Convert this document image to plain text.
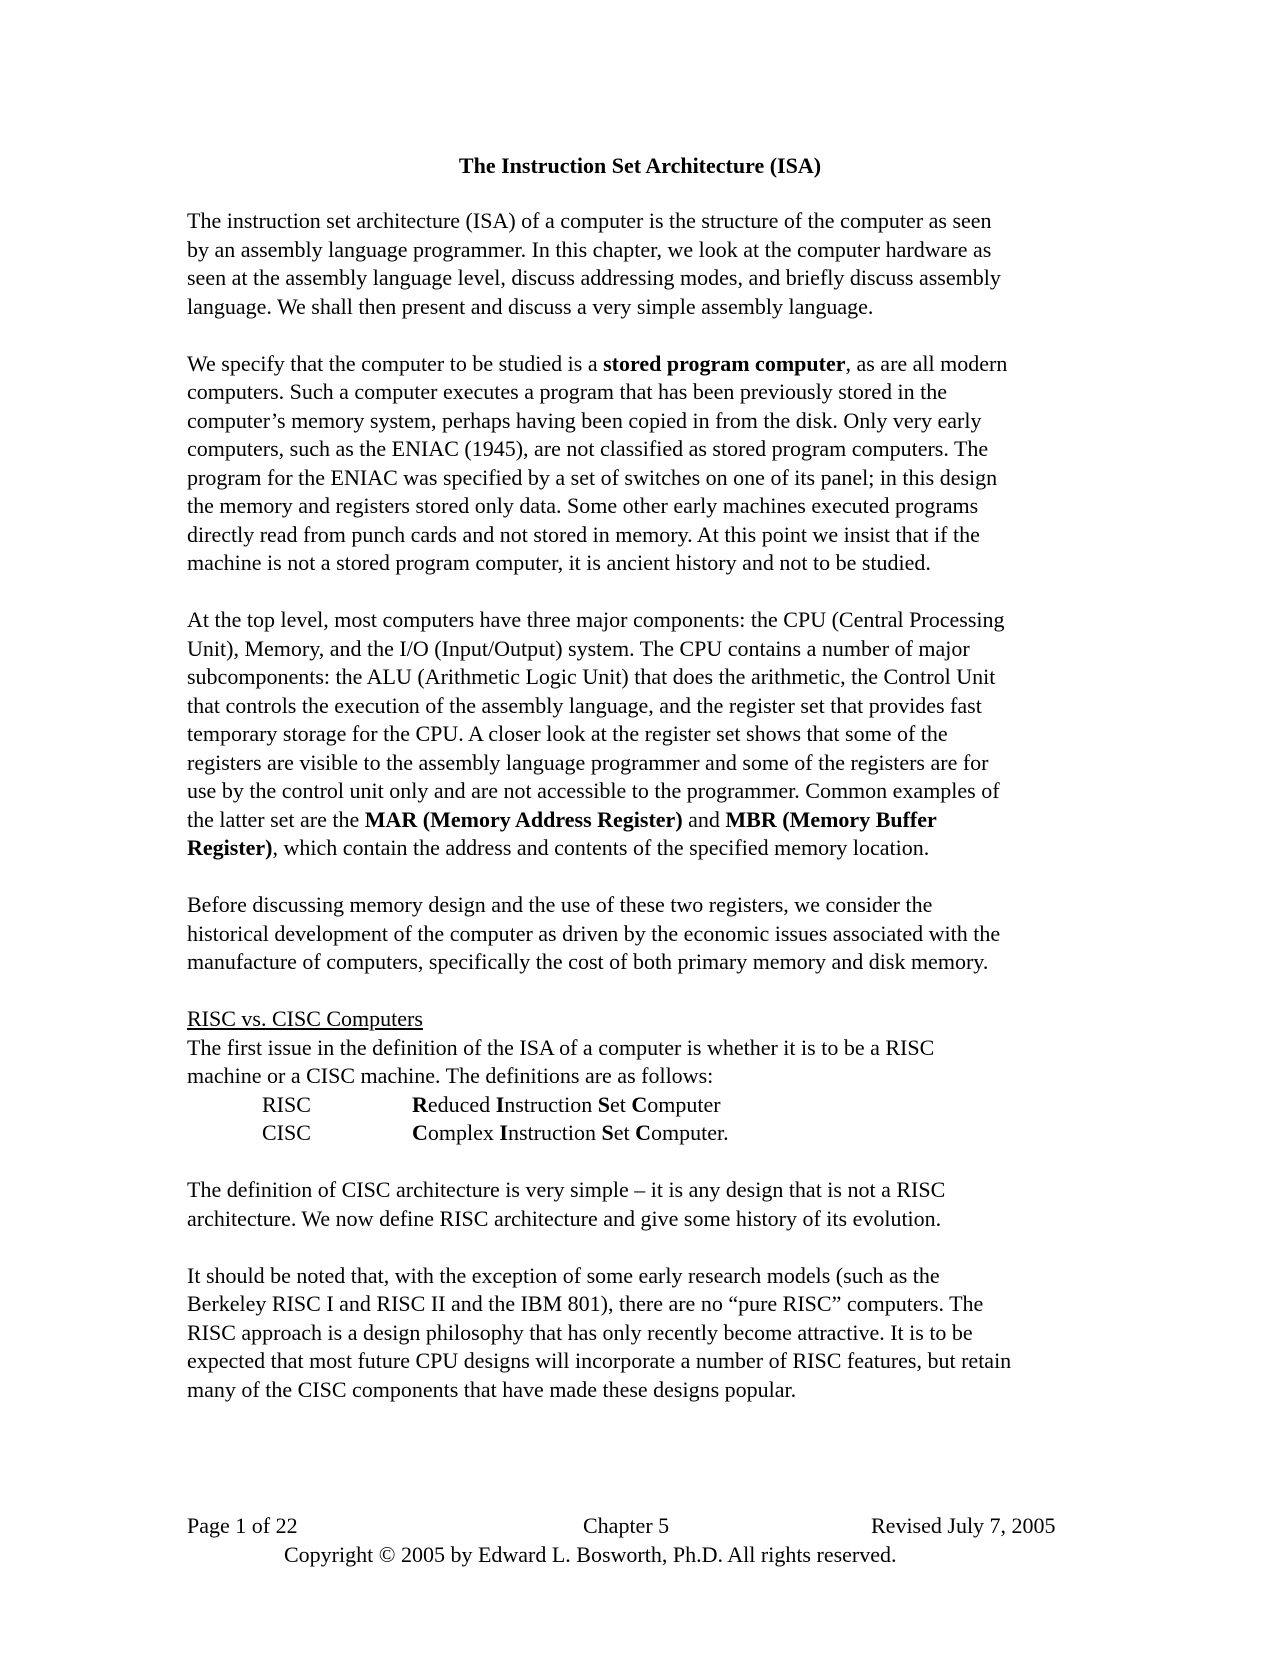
The Instruction Set Architecture (ISA)

The instruction set architecture (ISA) of a computer is the structure of the computer as seen
by an assembly language programmer. In this chapter, we look at the computer hardware as
seen at the assembly language level, discuss addressing modes, and briefly discuss assembly
language. We shall then present and discuss a very simple assembly language.

We specify that the computer to be studied is a stored program computer, as are all modern
computers. Such a computer executes a program that has been previously stored in the
computer’s memory system, perhaps having been copied in from the disk. Only very early
computers, such as the ENIAC (1945), are not classified as stored program computers. The
program for the ENIAC was specified by a set of switches on one of its panel; in this design
the memory and registers stored only data. Some other early machines executed programs
directly read from punch cards and not stored in memory. At this point we insist that if the
machine is not a stored program computer, it is ancient history and not to be studied.

At the top level, most computers have three major components: the CPU (Central Processing
Unit), Memory, and the I/O (Input/Output) system. The CPU contains a number of major
subcomponents: the ALU (Arithmetic Logic Unit) that does the arithmetic, the Control Unit
that controls the execution of the assembly language, and the register set that provides fast
temporary storage for the CPU. A closer look at the register set shows that some of the
registers are visible to the assembly language programmer and some of the registers are for
use by the control unit only and are not accessible to the programmer. Common examples of
the latter set are the MAR (Memory Address Register) and MBR (Memory Buffer
Register), which contain the address and contents of the specified memory location.

Before discussing memory design and the use of these two registers, we consider the
historical development of the computer as driven by the economic issues associated with the
manufacture of computers, specifically the cost of both primary memory and disk memory.

RISC vs. CISC Computers
The first issue in the definition of the ISA of a computer is whether it is to be a RISC
machine or a CISC machine. The definitions are as follows:
RISC	Reduced Instruction Set Computer
CISC	Complex Instruction Set Computer.

The definition of CISC architecture is very simple – it is any design that is not a RISC
architecture. We now define RISC architecture and give some history of its evolution.

It should be noted that, with the exception of some early research models (such as the
Berkeley RISC I and RISC II and the IBM 801), there are no “pure RISC” computers. The
RISC approach is a design philosophy that has only recently become attractive. It is to be
expected that most future CPU designs will incorporate a number of RISC features, but retain
many of the CISC components that have made these designs popular.

Page 1 of 22	Chapter 5	Revised July 7, 2005
Copyright © 2005 by Edward L. Bosworth, Ph.D. All rights reserved.
